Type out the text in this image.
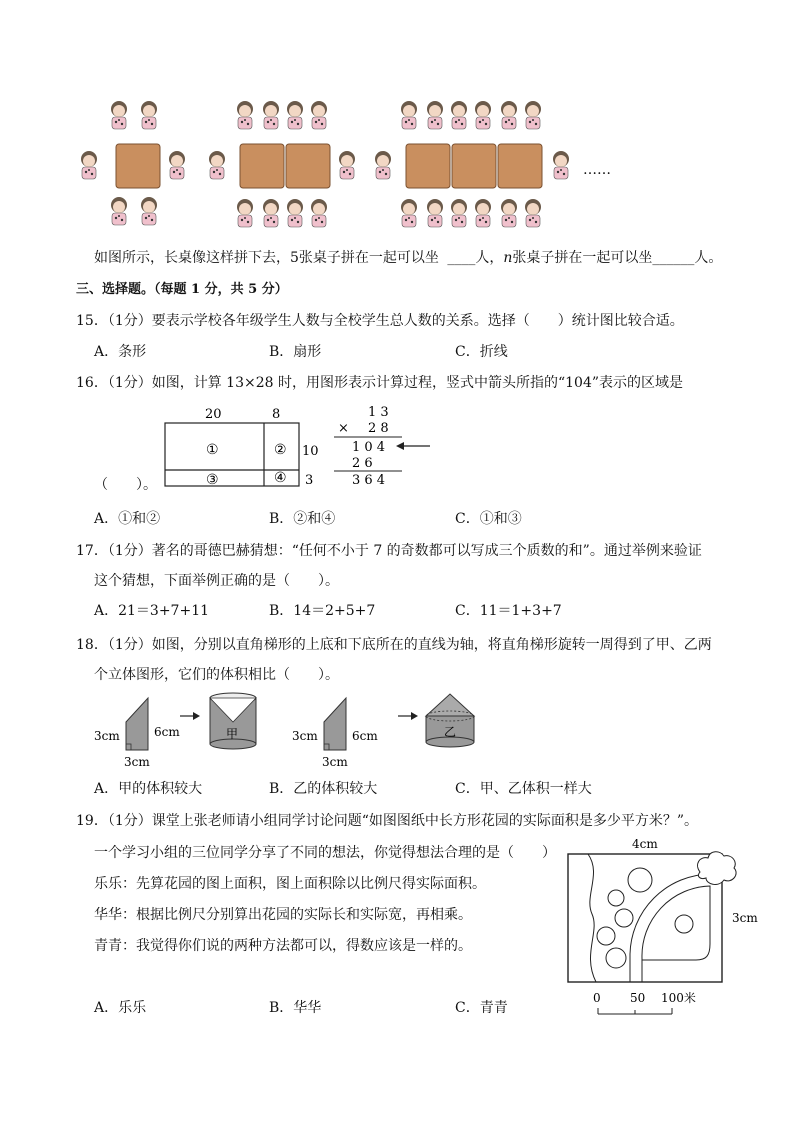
……
如图所示，长桌像这样拼下去，5张桌子拼在一起可以坐 ____人，n张桌子拼在一起可以坐______人。
三、选择题。（每题 1 分，共 5 分）
15．（1分）要表示学校各年级学生人数与全校学生总人数的关系。选择（　　）统计图比较合适。
A．条形	B．扇形	C．折线
16．（1分）如图，计算 13×28 时，用图形表示计算过程，竖式中箭头所指的“104”表示的区域是
20	8
①	②
③	④
10
3
1 3
× 2 8
1 0 4
2 6
3 6 4
（　　）。
A．①和②	B．②和④	C．①和③
17．（1分）著名的哥德巴赫猜想：“任何不小于 7 的奇数都可以写成三个质数的和”。通过举例来验证
这个猜想，下面举例正确的是（　　）。
A．21＝3+7+11	B．14＝2+5+7	C．11＝1+3+7
18．（1分）如图，分别以直角梯形的上底和下底所在的直线为轴，将直角梯形旋转一周得到了甲、乙两
个立体图形，它们的体积相比（　　）。
3cm	6cm
3cm
甲	3cm	6cm
3cm
乙
A．甲的体积较大	B．乙的体积较大	C．甲、乙体积一样大
19．（1分）课堂上张老师请小组同学讨论问题“如图图纸中长方形花园的实际面积是多少平方米？”。
一个学习小组的三位同学分享了不同的想法，你觉得想法合理的是（　　）
乐乐：先算花园的图上面积，图上面积除以比例尺得实际面积。
华华：根据比例尺分别算出花园的实际长和实际宽，再相乘。
青青：我觉得你们说的两种方法都可以，得数应该是一样的。
4cm
3cm
0 50 100米
A．乐乐	B．华华	C．青青
